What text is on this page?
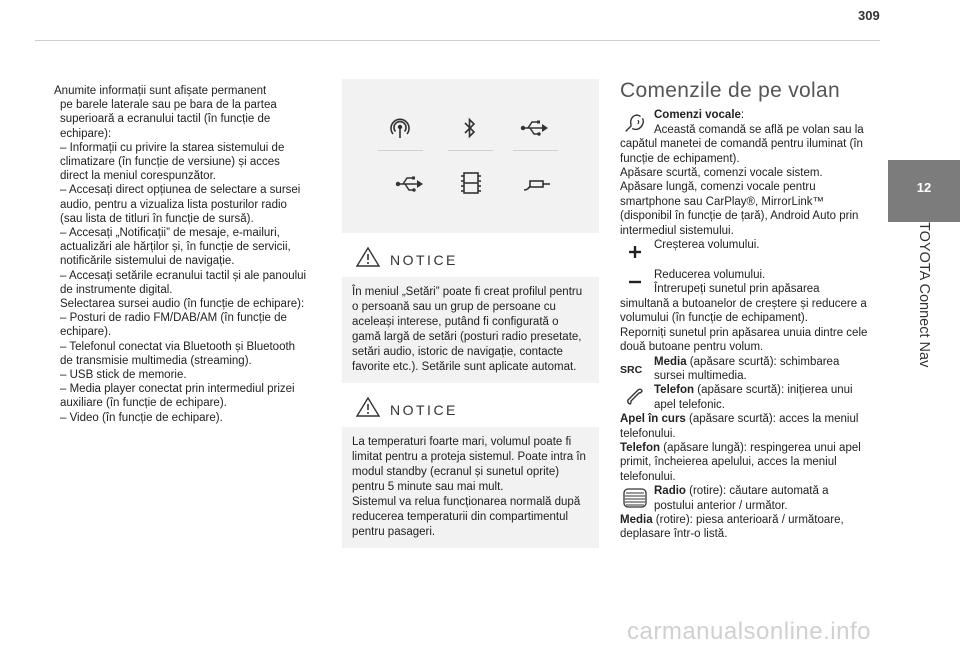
309
12
TOYOTA Connect Nav

Anumite informații sunt afișate permanent

pe barele laterale sau pe bara de la partea

superioară a ecranului tactil (în funcție de

echipare):

– Informații cu privire la starea sistemului de

climatizare (în funcție de versiune) și acces

direct la meniul corespunzător.

– Accesați direct opțiunea de selectare a sursei

audio, pentru a vizualiza lista posturilor radio

(sau lista de titluri în funcție de sursă).

– Accesați „Notificații” de mesaje, e-mailuri,

actualizări ale hărților și, în funcție de servicii,

notificările sistemului de navigație.

– Accesați setările ecranului tactil și ale panoului

de instrumente digital.

Selectarea sursei audio (în funcție de echipare):

– Posturi de radio FM/DAB/AM (în funcție de

echipare).

– Telefonul conectat via Bluetooth și Bluetooth

de transmisie multimedia (streaming).

– USB stick de memorie.

– Media player conectat prin intermediul prizei

auxiliare (în funcție de echipare).

– Video (în funcție de echipare).

NOTICE

În meniul „Setări” poate fi creat profilul pentru

o persoană sau un grup de persoane cu

aceleași interese, putând fi configurată o

gamă largă de setări (posturi radio presetate,

setări audio, istoric de navigație, contacte

favorite etc.). Setările sunt aplicate automat.

NOTICE

La temperaturi foarte mari, volumul poate fi

limitat pentru a proteja sistemul. Poate intra în

modul standby (ecranul și sunetul oprite)

pentru 5 minute sau mai mult.

Sistemul va relua funcționarea normală după

reducerea temperaturii din compartimentul

pentru pasageri.

Comenzile de pe volan

Comenzi vocale:

Această comandă se află pe volan sau la

capătul manetei de comandă pentru iluminat (în

funcție de echipament).

Apăsare scurtă, comenzi vocale sistem.

Apăsare lungă, comenzi vocale pentru

smartphone sau CarPlay®, MirrorLink™

(disponibil în funcție de țară), Android Auto prin

intermediul sistemului.

Creșterea volumului.

Reducerea volumului.

Întrerupeți sunetul prin apăsarea

simultană a butoanelor de creștere și reducere a

volumului (în funcție de echipament).

Reporniți sunetul prin apăsarea unuia dintre cele

două butoane pentru volum.

SRC

Media (apăsare scurtă): schimbarea

sursei multimedia.

Telefon (apăsare scurtă): inițierea unui

apel telefonic.

Apel în curs (apăsare scurtă): acces la meniul

telefonului.

Telefon (apăsare lungă): respingerea unui apel

primit, încheierea apelului, acces la meniul

telefonului.

Radio (rotire): căutare automată a

postului anterior / următor.

Media (rotire): piesa anterioară / următoare,

deplasare într-o listă.

carmanualsonline.info
